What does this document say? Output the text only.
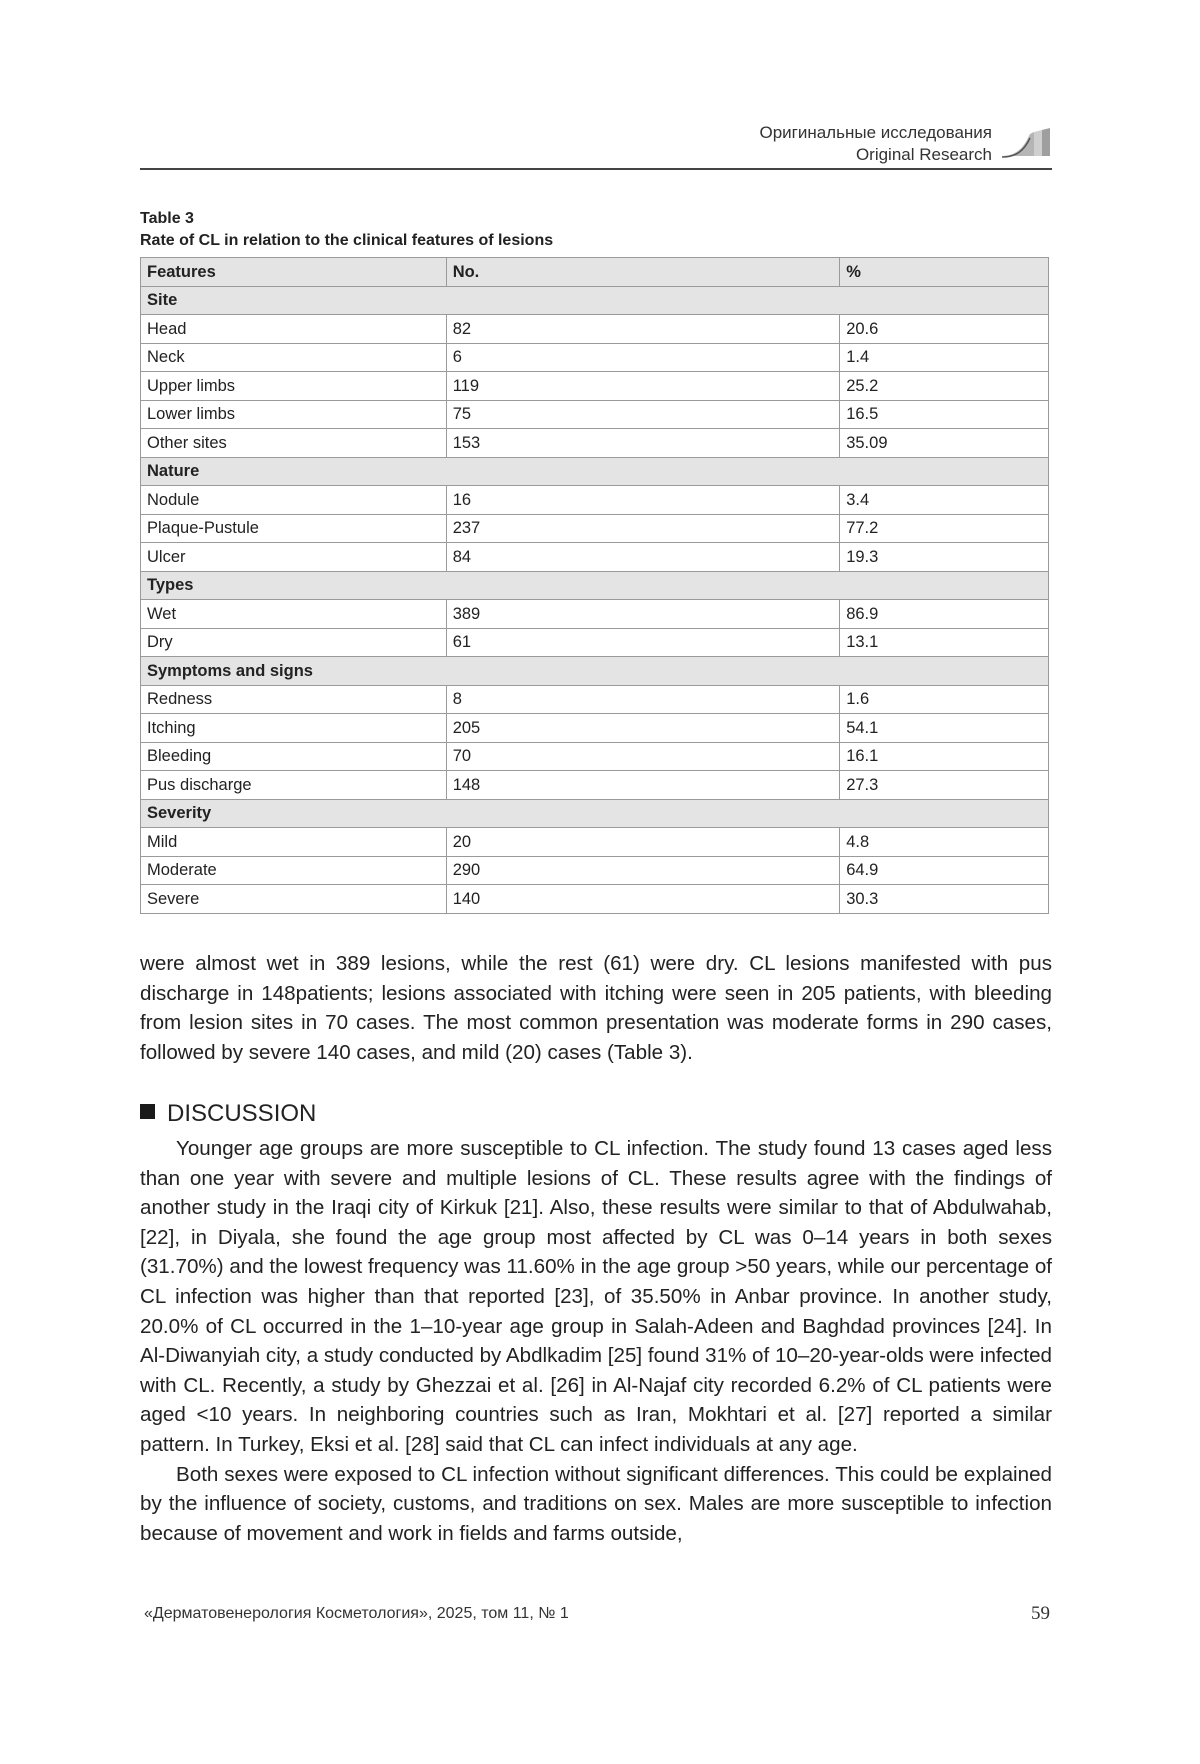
Оригинальные исследования
Original Research
Table 3
Rate of CL in relation to the clinical features of lesions
Features	No.	%
Site		
Head	82	20.6
Neck	6	1.4
Upper limbs	119	25.2
Lower limbs	75	16.5
Other sites	153	35.09
Nature		
Nodule	16	3.4
Plaque-Pustule	237	77.2
Ulcer	84	19.3
Types		
Wet	389	86.9
Dry	61	13.1
Symptoms and signs		
Redness	8	1.6
Itching	205	54.1
Bleeding	70	16.1
Pus discharge	148	27.3
Severity		
Mild	20	4.8
Moderate	290	64.9
Severe	140	30.3

were almost wet in 389 lesions, while the rest (61) were dry. CL lesions manifested with pus discharge in 148patients; lesions associated with itching were seen in 205 patients, with bleeding from lesion sites in 70 cases. The most common presentation was moderate forms in 290 cases, followed by severe 140 cases, and mild (20) cases (Table 3).

DISCUSSION

Younger age groups are more susceptible to CL infection. The study found 13 cases aged less than one year with severe and multiple lesions of CL. These results agree with the findings of another study in the Iraqi city of Kirkuk [21]. Also, these results were similar to that of Abdulwahab, [22], in Diyala, she found the age group most affected by CL was 0–14 years in both sexes (31.70%) and the lowest frequency was 11.60% in the age group >50 years, while our percentage of CL infection was higher than that reported [23], of 35.50% in Anbar province. In another study, 20.0% of CL occurred in the 1–10-year age group in Salah-Adeen and Baghdad provinces [24]. In Al-Diwanyiah city, a study conducted by Abdlkadim [25] found 31% of 10–20-year-olds were infected with CL. Recently, a study by Ghezzai et al. [26] in Al-Najaf city recorded 6.2% of CL patients were aged <10 years. In neighboring countries such as Iran, Mokhtari et al. [27] reported a similar pattern. In Turkey, Eksi et al. [28] said that CL can infect individuals at any age.

Both sexes were exposed to CL infection without significant differences. This could be explained by the influence of society, customs, and traditions on sex. Males are more susceptible to infection because of movement and work in fields and farms outside,

«Дерматовенерология Косметология», 2025, том 11, № 1	59
